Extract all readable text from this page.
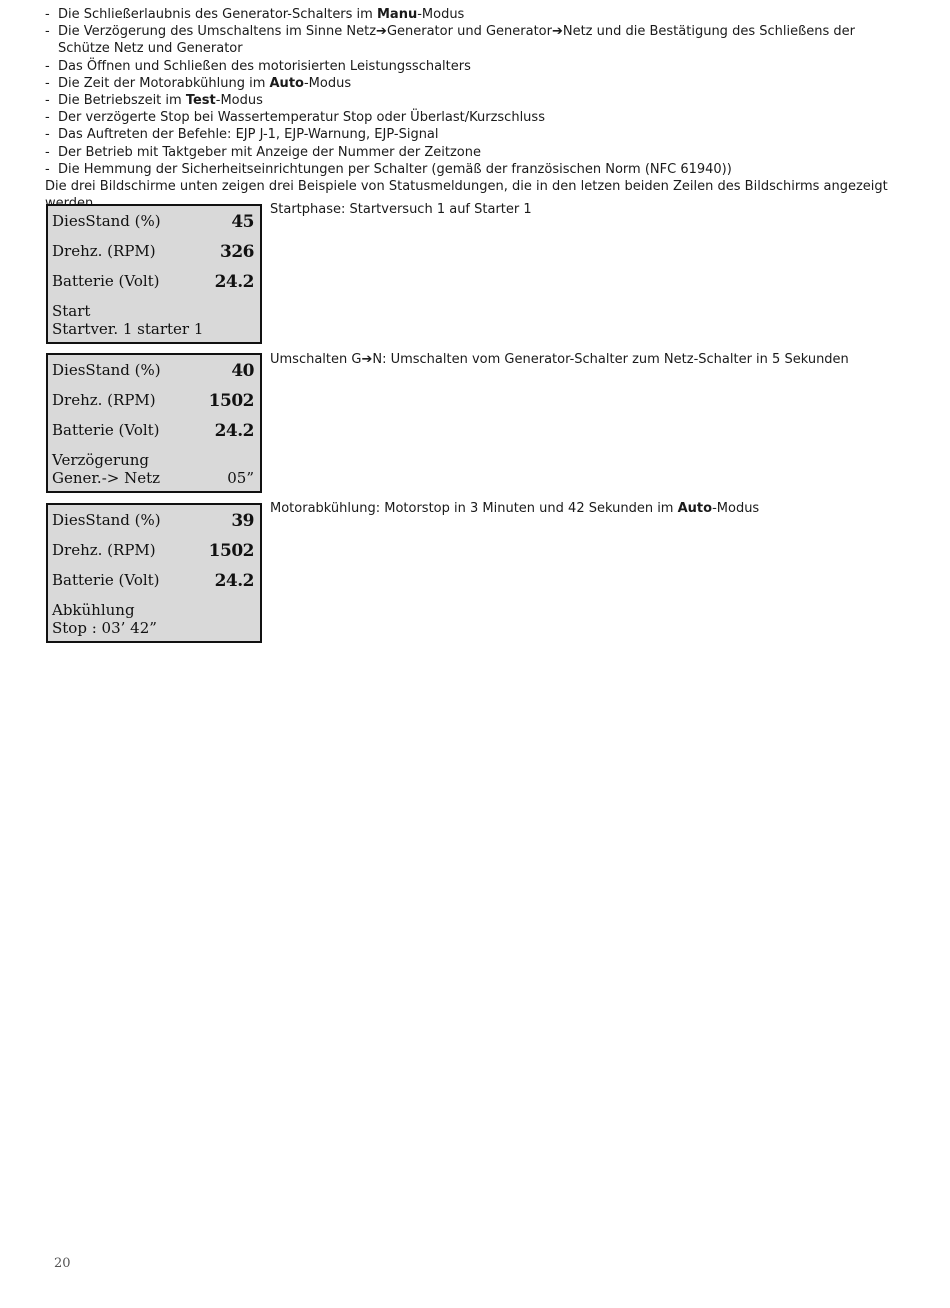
- Die Schließerlaubnis des Generator-Schalters im Manu-Modus
- Die Verzögerung des Umschaltens im Sinne Netz➔Generator und Generator➔Netz und die Bestätigung des Schließens der Schütze Netz und Generator
- Das Öffnen und Schließen des motorisierten Leistungsschalters
- Die Zeit der Motorabkühlung im Auto-Modus
- Die Betriebszeit im Test-Modus
- Der verzögerte Stop bei Wassertemperatur Stop oder Überlast/Kurzschluss
- Das Auftreten der Befehle: EJP J-1, EJP-Warnung, EJP-Signal
- Der Betrieb mit Taktgeber mit Anzeige der Nummer der Zeitzone
- Die Hemmung der Sicherheitseinrichtungen per Schalter (gemäß der französischen Norm (NFC 61940))
Die drei Bildschirme unten zeigen drei Beispiele von Statusmeldungen, die in den letzen beiden Zeilen des Bildschirms angezeigt
DiesStand (%)	45
Drehz. (RPM)	326
Batterie (Volt)	24.2
Start
Startver. 1 starter 1
Startphase: Startversuch 1 auf Starter 1
DiesStand (%)	40
Drehz. (RPM)	1502
Batterie (Volt)	24.2
Verzögerung
Gener.-> Netz	05”
Umschalten G➔N: Umschalten vom Generator-Schalter zum Netz-Schalter in 5 Sekunden
DiesStand (%)	39
Drehz. (RPM)	1502
Batterie (Volt)	24.2
Abkühlung
Stop : 03’ 42”
Motorabkühlung: Motorstop in 3 Minuten und 42 Sekunden im Auto-Modus
20
